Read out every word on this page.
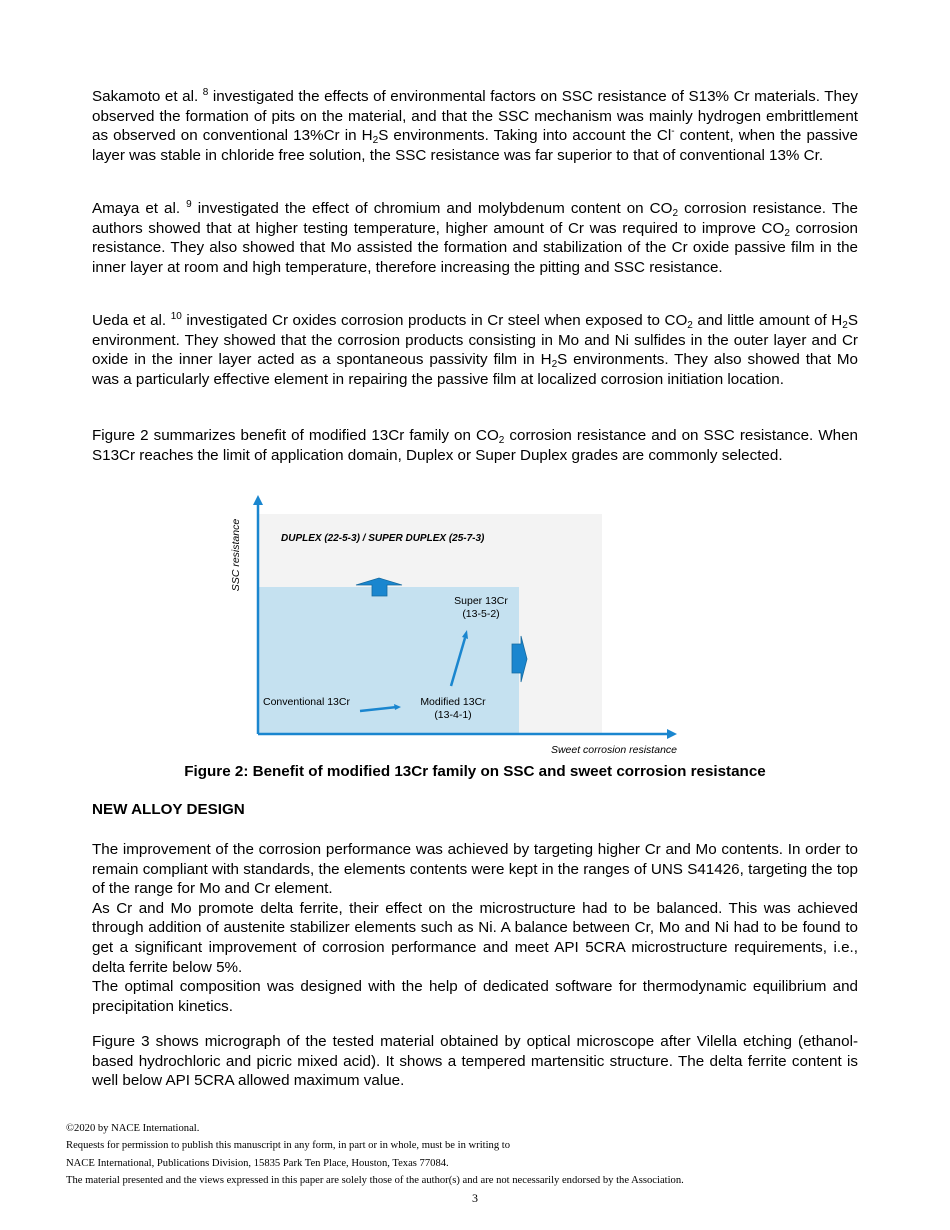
Sakamoto et al. $^8$ investigated the effects of environmental factors on SSC resistance of S13% Cr materials. They observed the formation of pits on the material, and that the SSC mechanism was mainly hydrogen embrittlement as observed on conventional 13%Cr in $H_2S$ environments. Taking into account the Cl- content, when the passive layer was stable in chloride free solution, the SSC resistance was far superior to that of conventional 13% Cr.

Amaya et al. $^9$ investigated the effect of chromium and molybdenum content on $CO_2$ corrosion resistance. The authors showed that at higher testing temperature, higher amount of Cr was required to improve $CO_2$ corrosion resistance. They also showed that Mo assisted the formation and stabilization of the Cr oxide passive film in the inner layer at room and high temperature, therefore increasing the pitting and SSC resistance.

Ueda et al. $^{10}$ investigated Cr oxides corrosion products in Cr steel when exposed to $CO_2$ and little amount of $H_2S$ environment. They showed that the corrosion products consisting in Mo and Ni sulfides in the outer layer and Cr oxide in the inner layer acted as a spontaneous passivity film in $H_2S$ environments. They also showed that Mo was a particularly effective element in repairing the passive film at localized corrosion initiation location.

Figure 2 summarizes benefit of modified 13Cr family on $CO_2$ corrosion resistance and on SSC resistance. When S13Cr reaches the limit of application domain, Duplex or Super Duplex grades are commonly selected.

SSC resistance
Sweet corrosion resistance
DUPLEX (22-5-3) / SUPER DUPLEX (25-7-3)
Conventional 13Cr	Modified 13Cr
(13-4-1)
Super 13Cr
(13-5-2)
Figure 2: Benefit of modified 13Cr family on SSC and sweet corrosion resistance
NEW ALLOY DESIGN

The improvement of the corrosion performance was achieved by targeting higher Cr and Mo contents. In order to remain compliant with standards, the elements contents were kept in the ranges of UNS S41426, targeting the top of the range for Mo and Cr element.

As Cr and Mo promote delta ferrite, their effect on the microstructure had to be balanced. This was achieved through addition of austenite stabilizer elements such as Ni. A balance between Cr, Mo and Ni had to be found to get a significant improvement of corrosion performance and meet API 5CRA microstructure requirements, i.e., delta ferrite below 5%.

The optimal composition was designed with the help of dedicated software for thermodynamic equilibrium and precipitation kinetics.

Figure 3 shows micrograph of the tested material obtained by optical microscope after Vilella etching (ethanol-based hydrochloric and picric mixed acid). It shows a tempered martensitic structure. The delta ferrite content is well below API 5CRA allowed maximum value.

©2020 by NACE International.
Requests for permission to publish this manuscript in any form, in part or in whole, must be in writing to
NACE International, Publications Division, 15835 Park Ten Place, Houston, Texas 77084.
The material presented and the views expressed in this paper are solely those of the author(s) and are not necessarily endorsed by the Association.
3
